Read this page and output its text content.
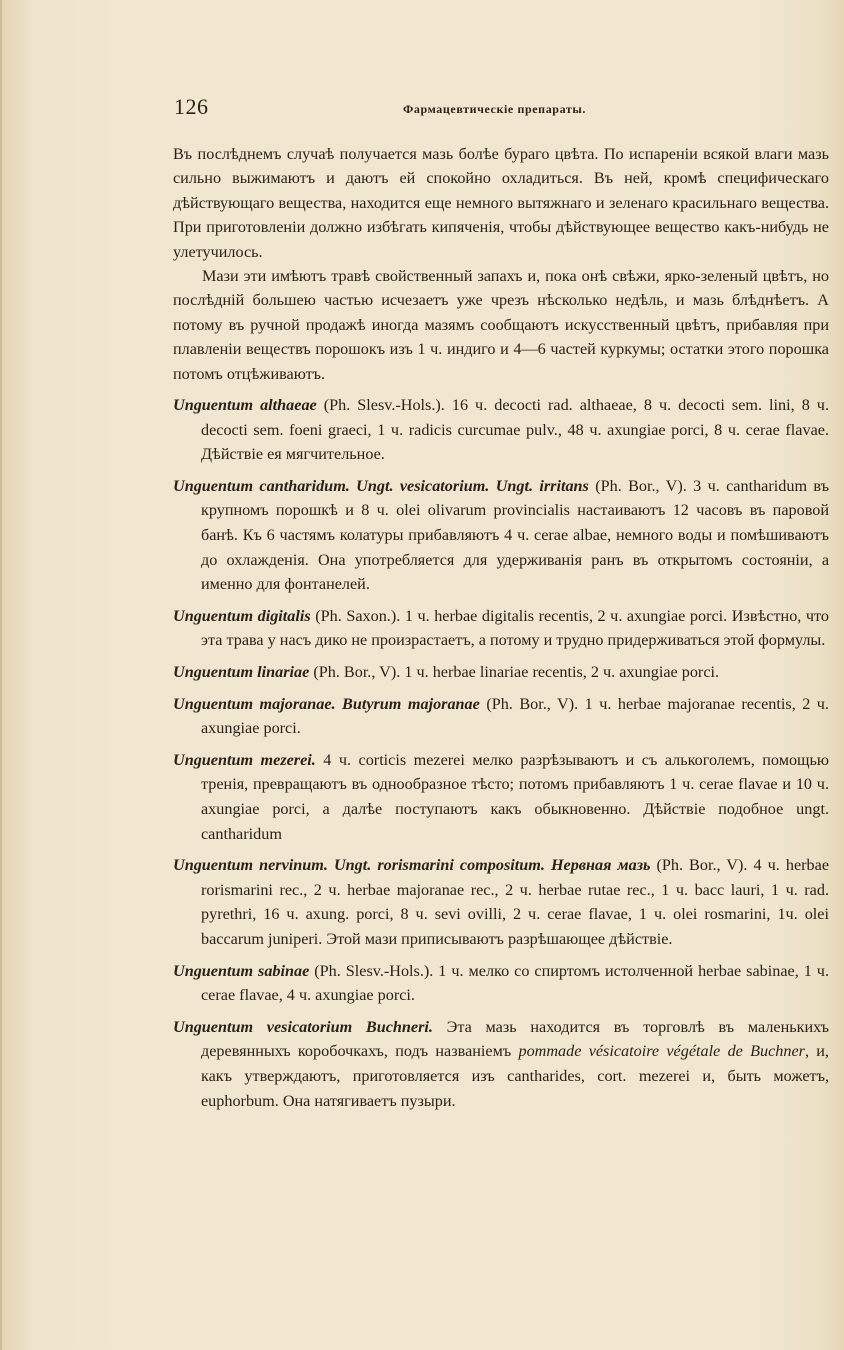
126	Фармацевтическіе препараты.

Въ послѣднемъ случаѣ получается мазь болѣе бураго цвѣта. По испареніи всякой влаги мазь сильно выжимаютъ и даютъ ей спокойно охладиться. Въ ней, кромѣ специфическаго дѣйствующаго вещества, находится еще немного вытяжнаго и зеленаго красильнаго вещества. При приготовленіи должно избѣгать кипяченія, чтобы дѣйствующее вещество какъ-нибудь не улетучилось.

Мази эти имѣютъ травѣ свойственный запахъ и, пока онѣ свѣжи, ярко-зеленый цвѣтъ, но послѣдній большею частью исчезаетъ уже чрезъ нѣсколько недѣль, и мазь блѣднѣетъ. А потому въ ручной продажѣ иногда мазямъ сообщаютъ искусственный цвѣтъ, прибавляя при плавленіи веществъ порошокъ изъ 1 ч. индиго и 4—6 частей куркумы; остатки этого порошка потомъ отцѣживаютъ.

Unguentum althaeae (Ph. Slesv.-Hols.). 16 ч. decocti rad. althaeae, 8 ч. decocti sem. lini, 8 ч. decocti sem. foeni graeci, 1 ч. radicis curcumae pulv., 48 ч. axungiae porci, 8 ч. cerae flavae. Дѣйствіе ея мягчительное.
Unguentum cantharidum. Ungt. vesicatorium. Ungt. irritans (Ph. Bor., V). 3 ч. cantharidum въ крупномъ порошкѣ и 8 ч. olei olivarum provincialis настаиваютъ 12 часовъ въ паровой банѣ. Къ 6 частямъ колатуры прибавляютъ 4 ч. cerae albae, немного воды и помѣшиваютъ до охлажденія. Она употребляется для удерживанія ранъ въ открытомъ состояніи, а именно для фонтанелей.
Unguentum digitalis (Ph. Saxon.). 1 ч. herbae digitalis recentis, 2 ч. axungiae porci. Извѣстно, что эта трава у насъ дико не произрастаетъ, а потому и трудно придерживаться этой формулы.
Unguentum linariae (Ph. Bor., V). 1 ч. herbae linariae recentis, 2 ч. axungiae porci.
Unguentum majoranae. Butyrum majoranae (Ph. Bor., V). 1 ч. herbae majoranae recentis, 2 ч. axungiae porci.
Unguentum mezerei. 4 ч. corticis mezerei мелко разрѣзываютъ и съ алькоголемъ, помощью тренія, превращаютъ въ однообразное тѣсто; потомъ прибавляютъ 1 ч. cerae flavae и 10 ч. axungiae porci, а далѣе поступаютъ какъ обыкновенно. Дѣйствіе подобное ungt. cantharidum
Unguentum nervinum. Ungt. rorismarini compositum. Нервная мазь (Ph. Bor., V). 4 ч. herbae rorismarini rec., 2 ч. herbae majoranae rec., 2 ч. herbae rutae rec., 1 ч. bacc lauri, 1 ч. rad. pyrethri, 16 ч. axung. porci, 8 ч. sevi ovilli, 2 ч. cerae flavae, 1 ч. olei rosmarini, 1ч. olei baccarum juniperi. Этой мази приписываютъ разрѣшающее дѣйствіе.
Unguentum sabinae (Ph. Slesv.-Hols.). 1 ч. мелко со спиртомъ истолченной herbae sabinae, 1 ч. cerae flavae, 4 ч. axungiae porci.
Unguentum vesicatorium Buchneri. Эта мазь находится въ торговлѣ въ маленькихъ деревянныхъ коробочкахъ, подъ названіемъ pommade vésicatoire végétale de Buchner, и, какъ утверждаютъ, приготовляется изъ cantharides, cort. mezerei и, быть можетъ, euphorbum. Она натягиваетъ пузыри.
